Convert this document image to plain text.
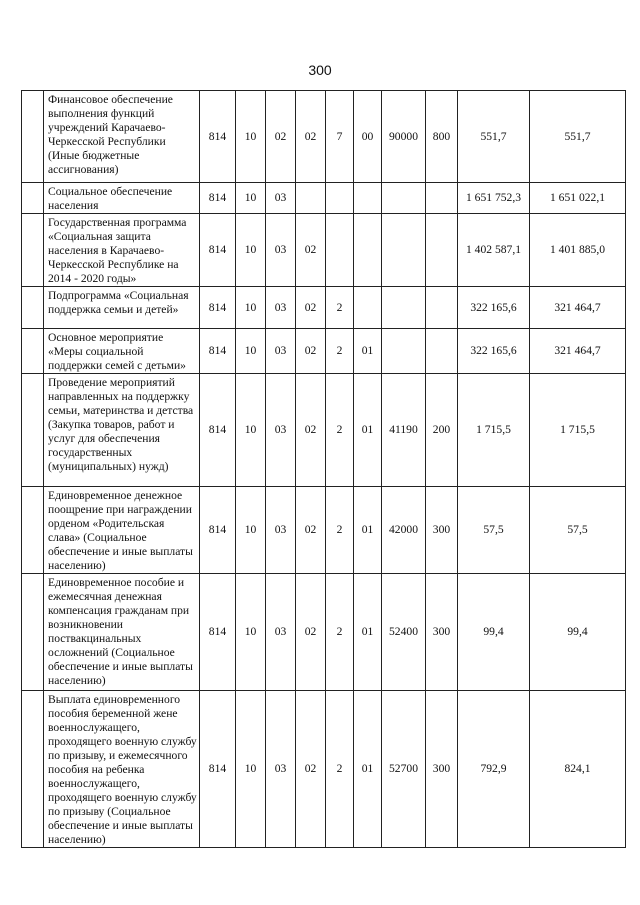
300
	Финансовое обеспечение выполнения функций учреждений Карачаево-Черкесской Республики (Иные бюджетные ассигнования)	814	10	02	02	7	00	90000	800	551,7	551,7
	Социальное обеспечение населения	814	10	03						1 651 752,3	1 651 022,1
	Государственная программа «Социальная защита населения в Карачаево-Черкесской Республике на 2014 - 2020 годы»	814	10	03	02					1 402 587,1	1 401 885,0
	Подпрограмма «Социальная поддержка семьи и детей»	814	10	03	02	2				322 165,6	321 464,7
	Основное мероприятие «Меры социальной поддержки семей с детьми»	814	10	03	02	2	01			322 165,6	321 464,7
	Проведение мероприятий направленных на поддержку семьи, материнства и детства (Закупка товаров, работ и услуг для обеспечения государственных (муниципальных) нужд)	814	10	03	02	2	01	41190	200	1 715,5	1 715,5
	Единовременное денежное поощрение при награждении орденом «Родительская слава» (Социальное обеспечение и иные выплаты населению)	814	10	03	02	2	01	42000	300	57,5	57,5
	Единовременное пособие и ежемесячная денежная компенсация гражданам при возникновении поствакцинальных осложнений (Социальное обеспечение и иные выплаты населению)	814	10	03	02	2	01	52400	300	99,4	99,4
	Выплата единовременного пособия беременной жене военнослужащего, проходящего военную службу по призыву, и ежемесячного пособия на ребенка военнослужащего, проходящего военную службу по призыву (Социальное обеспечение и иные выплаты населению)	814	10	03	02	2	01	52700	300	792,9	824,1
